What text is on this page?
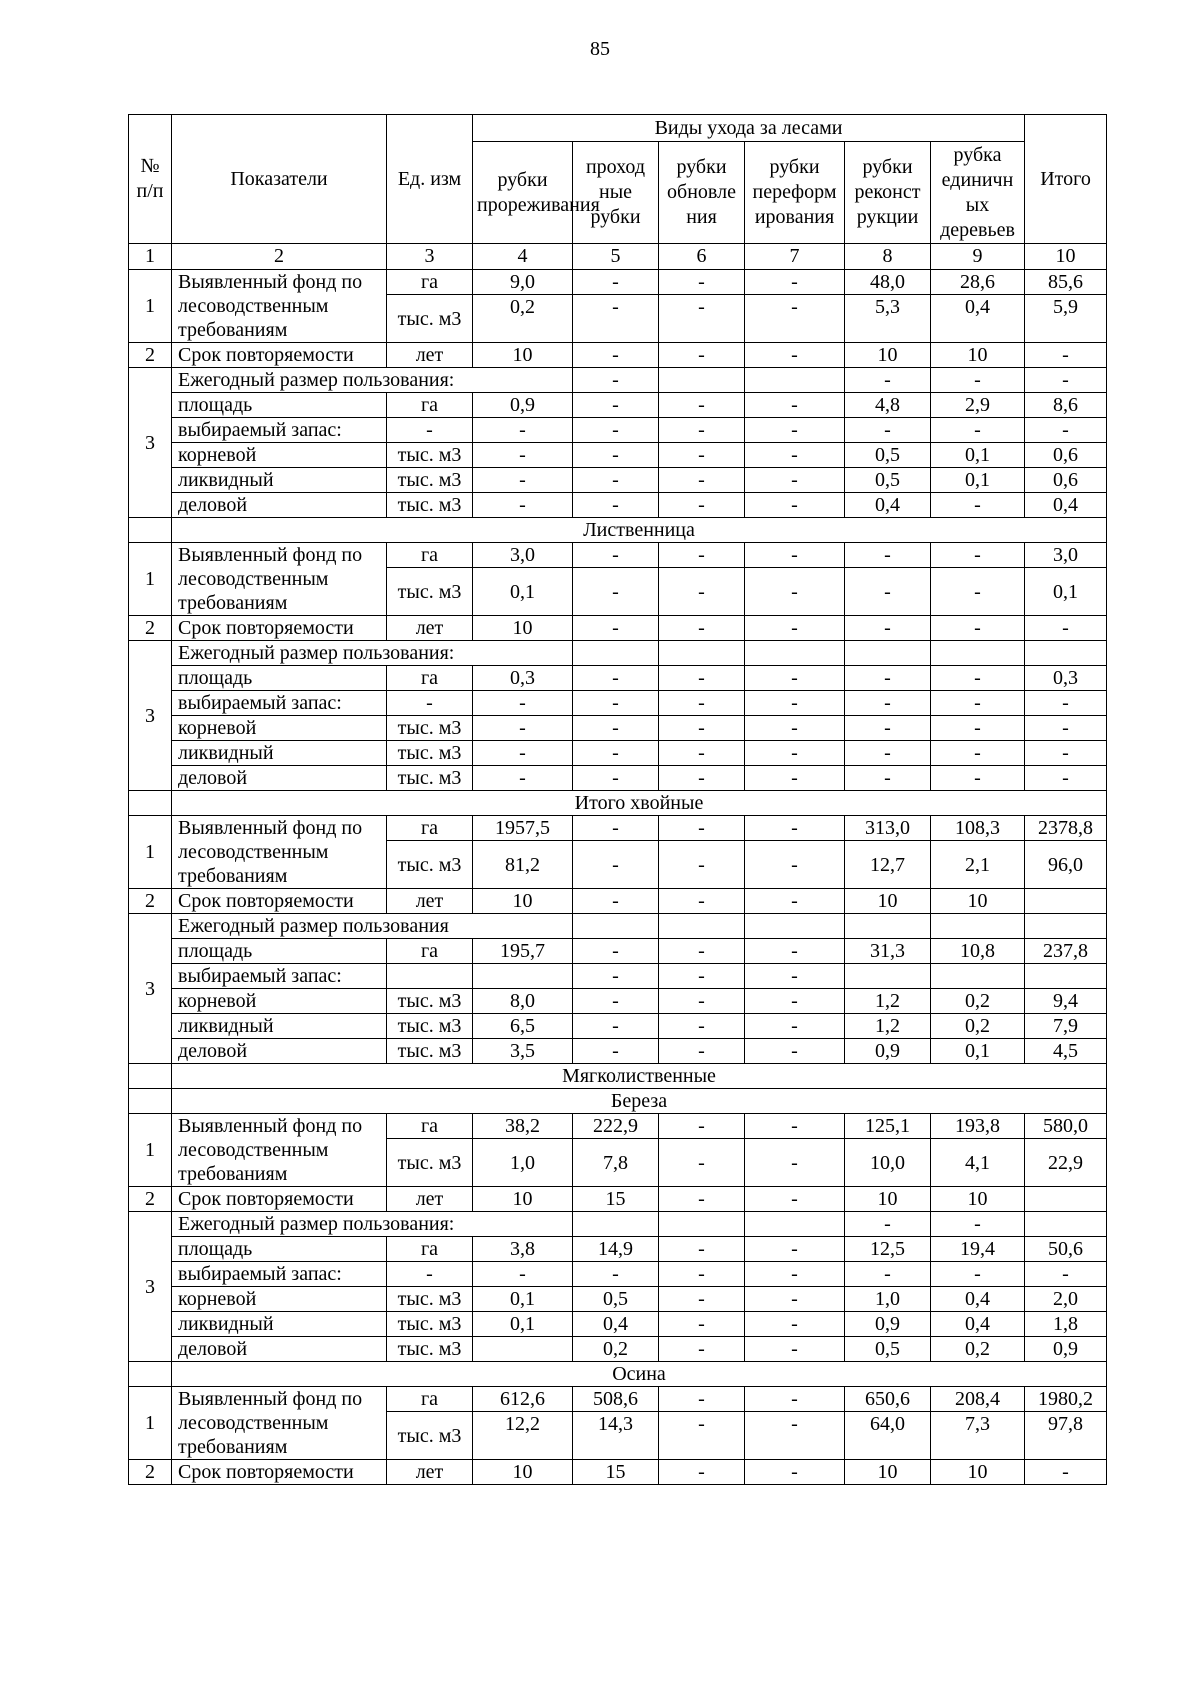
85
№ п/п	Показатели	Ед. изм	Виды ухода за лесами						Итого
			рубки прореживания	проход ные рубки	рубки обновле ния	рубки переформ ирования	рубки реконст рукции	рубка единичн ых деревьев	
1	2	3	4	5	6	7	8	9	10
1	Выявленный фонд по лесоводственным требованиям	га	9,0	-	-	-	48,0	28,6	85,6
		тыс. м3	0,2	-	-	-	5,3	0,4	5,9
2	Срок повторяемости	лет	10	-	-	-	10	10	-
3	Ежегодный размер пользования:			-			-	-	-
	площадь	га	0,9	-	-	-	4,8	2,9	8,6
	выбираемый запас:	-	-	-	-	-	-	-	-
	корневой	тыс. м3	-	-	-	-	0,5	0,1	0,6
	ликвидный	тыс. м3	-	-	-	-	0,5	0,1	0,6
	деловой	тыс. м3	-	-	-	-	0,4	-	0,4
	Лиственница								
1	Выявленный фонд по лесоводственным требованиям	га	3,0	-	-	-	-	-	3,0
		тыс. м3	0,1	-	-	-	-	-	0,1
2	Срок повторяемости	лет	10	-	-	-	-	-	-
3	Ежегодный размер пользования:								
	площадь	га	0,3	-	-	-	-	-	0,3
	выбираемый запас:	-	-	-	-	-	-	-	-
	корневой	тыс. м3	-	-	-	-	-	-	-
	ликвидный	тыс. м3	-	-	-	-	-	-	-
	деловой	тыс. м3	-	-	-	-	-	-	-
	Итого хвойные								
1	Выявленный фонд по лесоводственным требованиям	га	1957,5	-	-	-	313,0	108,3	2378,8
		тыс. м3	81,2	-	-	-	12,7	2,1	96,0
2	Срок повторяемости	лет	10	-	-	-	10	10	
3	Ежегодный размер пользования								
	площадь	га	195,7	-	-	-	31,3	10,8	237,8
	выбираемый запас:			-	-	-			
	корневой	тыс. м3	8,0	-	-	-	1,2	0,2	9,4
	ликвидный	тыс. м3	6,5	-	-	-	1,2	0,2	7,9
	деловой	тыс. м3	3,5	-	-	-	0,9	0,1	4,5
	Мягколиственные								
	Береза								
1	Выявленный фонд по лесоводственным требованиям	га	38,2	222,9	-	-	125,1	193,8	580,0
		тыс. м3	1,0	7,8	-	-	10,0	4,1	22,9
2	Срок повторяемости	лет	10	15	-	-	10	10	
3	Ежегодный размер пользования:						-	-	
	площадь	га	3,8	14,9	-	-	12,5	19,4	50,6
	выбираемый запас:	-	-	-	-	-	-	-	-
	корневой	тыс. м3	0,1	0,5	-	-	1,0	0,4	2,0
	ликвидный	тыс. м3	0,1	0,4	-	-	0,9	0,4	1,8
	деловой	тыс. м3		0,2	-	-	0,5	0,2	0,9
	Осина								
1	Выявленный фонд по лесоводственным требованиям	га	612,6	508,6	-	-	650,6	208,4	1980,2
		тыс. м3	12,2	14,3	-	-	64,0	7,3	97,8
2	Срок повторяемости	лет	10	15	-	-	10	10	-
